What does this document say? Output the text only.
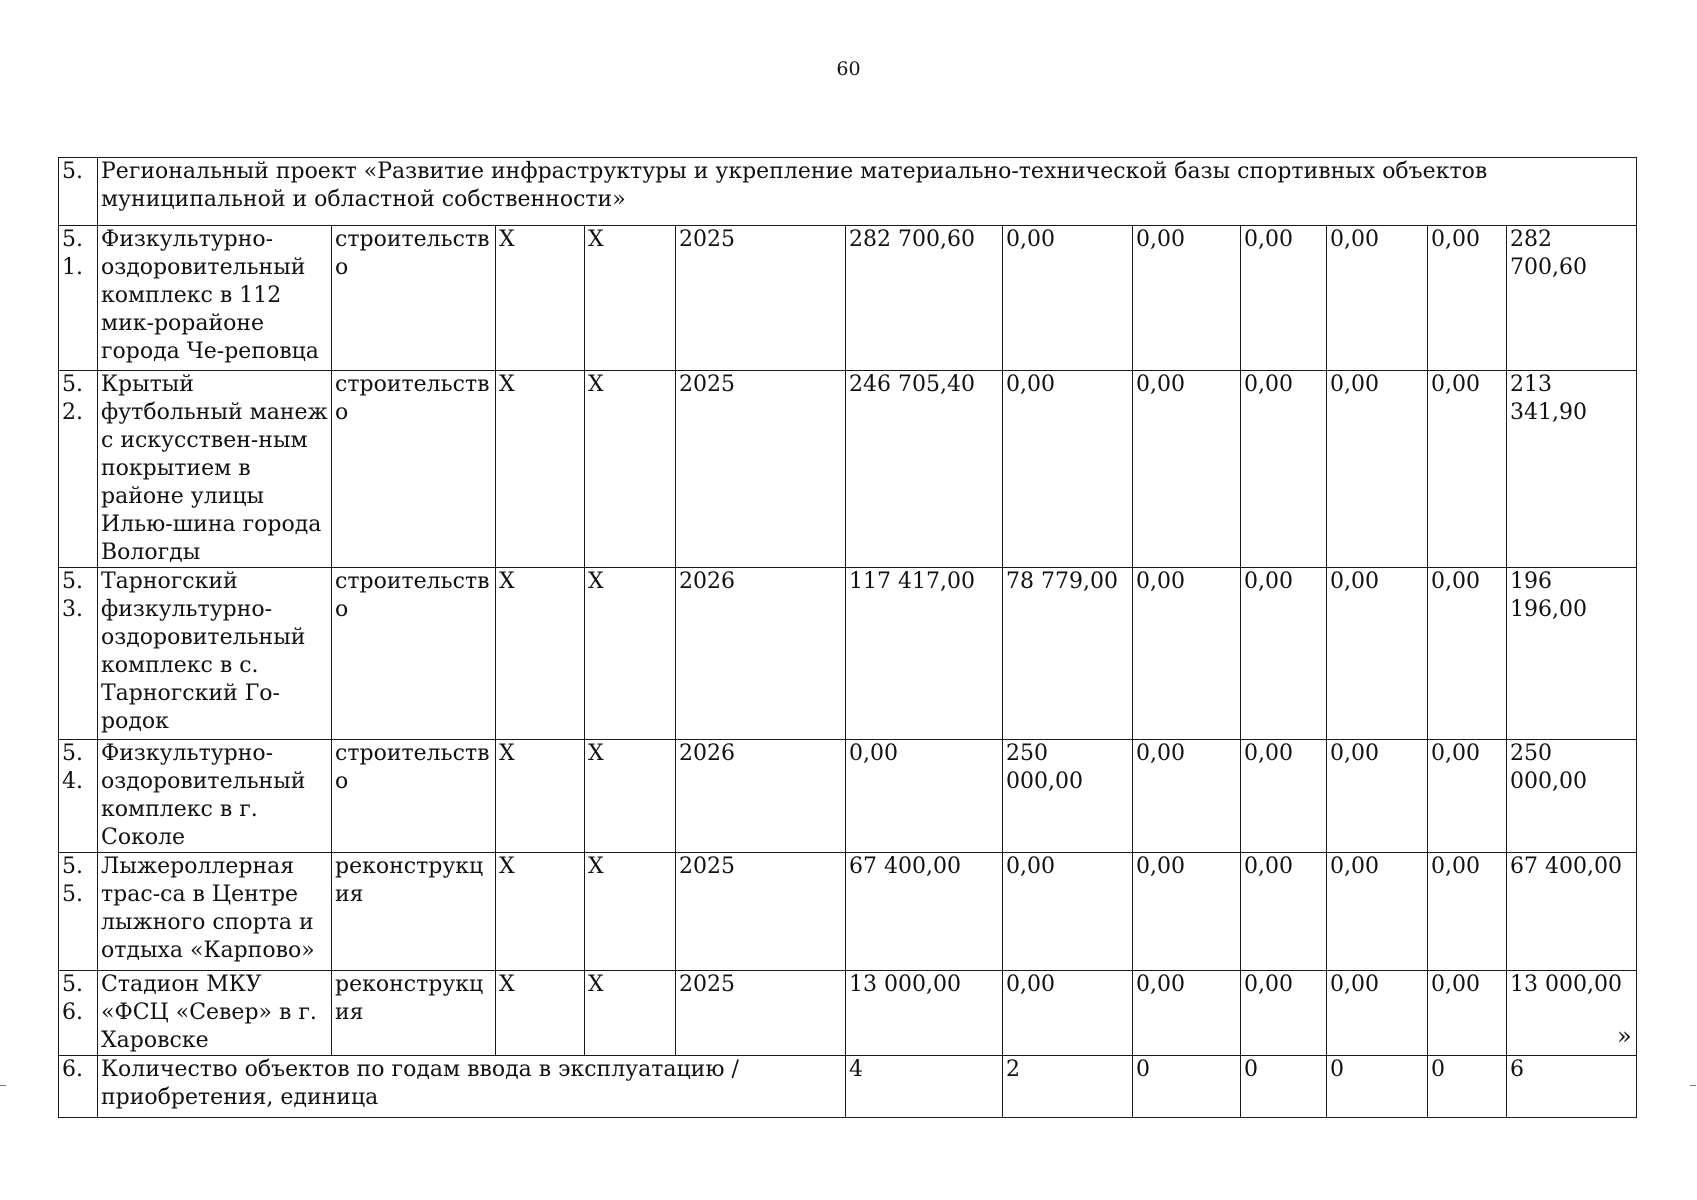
60
5.	Региональный проект «Развитие инфраструктуры и укрепление материально-технической базы спортивных объектов муниципальной и областной собственности»											
5.1.	Физкультурно-оздоровительный комплекс в 112 мик-рорайоне города Че-реповца	строительство	Х	Х	2025	282 700,60	0,00	0,00	0,00	0,00	0,00	282 700,60
5.2.	Крытый футбольный манеж с искусствен-ным покрытием в районе улицы Илью-шина города Вологды	строительство	Х	Х	2025	246 705,40	0,00	0,00	0,00	0,00	0,00	213 341,90
5.3.	Тарногский физкультурно-оздоровительный комплекс в с. Тарногский Го-родок	строительство	Х	Х	2026	117 417,00	78 779,00	0,00	0,00	0,00	0,00	196 196,00
5.4.	Физкультурно-оздоровительный комплекс в г. Соколе	строительство	Х	Х	2026	0,00	250 000,00	0,00	0,00	0,00	0,00	250 000,00
5.5.	Лыжероллерная трас-са в Центре лыжного спорта и отдыха «Карпово»	реконструкция	Х	Х	2025	67 400,00	0,00	0,00	0,00	0,00	0,00	67 400,00
5.6.	Стадион МКУ «ФСЦ «Север» в г. Харовске	реконструкция	Х	Х	2025	13 000,00	0,00	0,00	0,00	0,00	0,00	13 000,00
6.	Количество объектов по годам ввода в эксплуатацию / приобретения, единица					4	2	0	0	0	0	6
»
